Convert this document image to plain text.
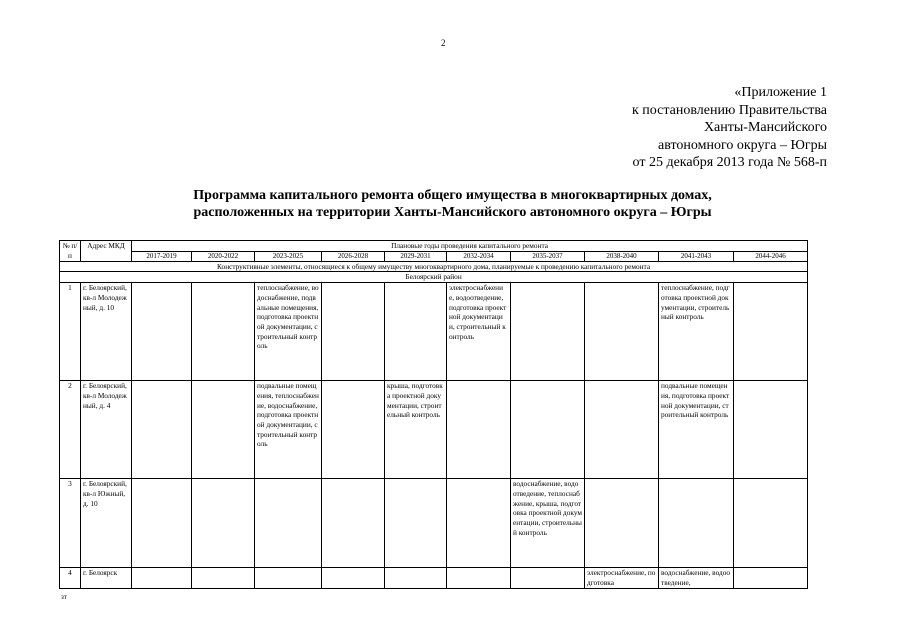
2
«Приложение 1
к постановлению Правительства
Ханты-Мансийского
автономного округа – Югры
от 25 декабря 2013 года № 568-п
Программа капитального ремонта общего имущества в многоквартирных домах,
расположенных на территории Ханты-Мансийского автономного округа – Югры
№ п/п	Адрес МКД	Плановые годы проведения капитального ремонта									
		2017-2019	2020-2022	2023-2025	2026-2028	2029-2031	2032-2034	2035-2037	2038-2040	2041-2043	2044-2046
Конструктивные элементы, относящиеся к общему имуществу многоквартирного дома, планируемые к проведению капитального ремонта											
Белоярский район											
1	г. Белоярский, кв-л Молодежный, д. 10			теплоснабжение, водоснабжение, подвальные помещения, подготовка проектной документации, строительный контроль			электроснабжение, водоотведение, подготовка проектной документации, строительный контроль			теплоснабжение, подготовка проектной документации, строительный контроль	
2	г. Белоярский, кв-л Молодежный, д. 4			подвальные помещения, теплоснабжение, водоснабжение, подготовка проектной документации, строительный контроль		крыша, подготовка проектной документации, строительный контроль				подвальные помещения, подготовка проектной документации, строительный контроль	
3	г. Белоярский, кв-л Южный, д. 10							водоснабжение, водоотведение, теплоснабжение, крыша, подготовка проектной документации, строительный контроль			
4	г. Белоярск								электроснабжение, подготовка	водоснабжение, водоотведение,	
зт
